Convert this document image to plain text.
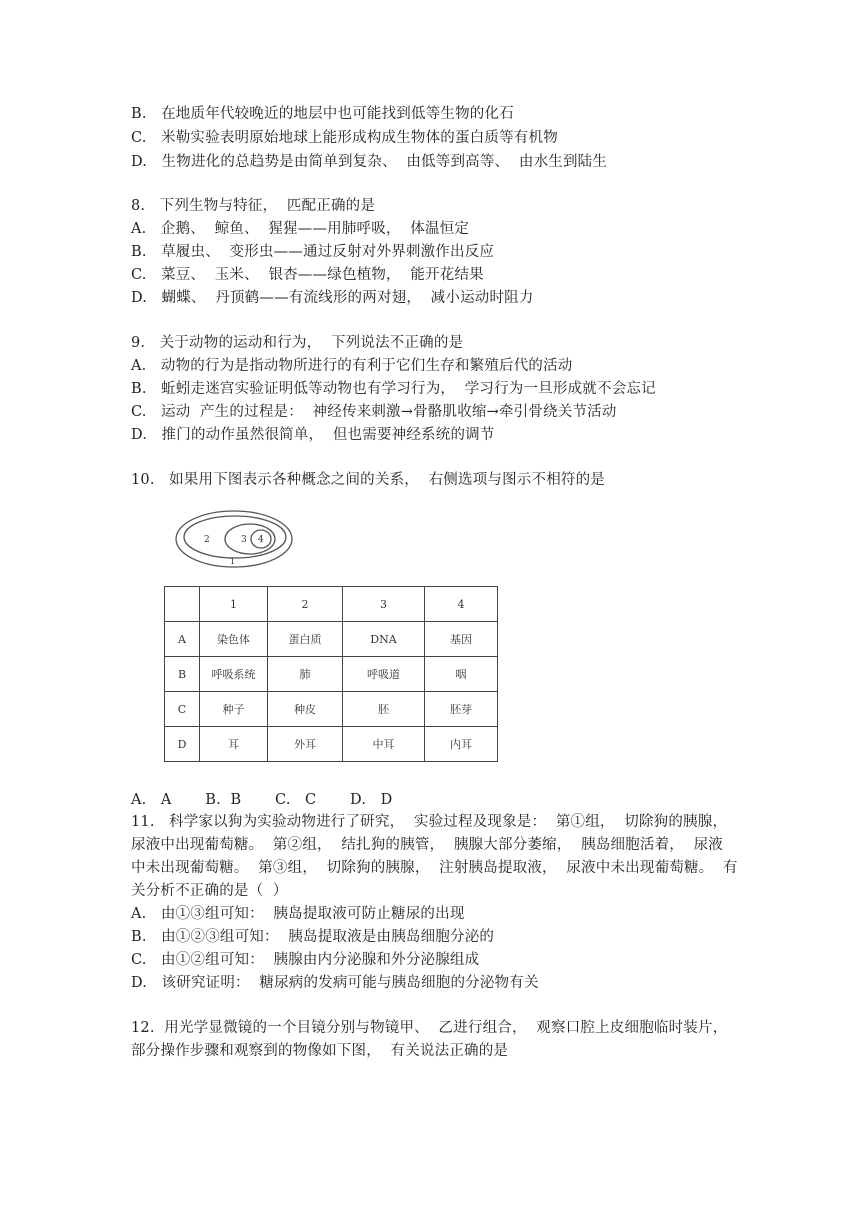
B.   在地质年代较晚近的地层中也可能找到低等生物的化石
C.   米勒实验表明原始地球上能形成构成生物体的蛋白质等有机物
D.   生物进化的总趋势是由简单到复杂、  由低等到高等、  由水生到陆生
8.   下列生物与特征，  匹配正确的是
A.   企鹅、  鲸鱼、  猩猩——用肺呼吸，  体温恒定
B.   草履虫、  变形虫——通过反射对外界刺激作出反应
C.   菜豆、  玉米、  银杏——绿色植物，  能开花结果
D.   蝴蝶、  丹顶鹤——有流线形的两对翅，  减小运动时阻力
9.   关于动物的运动和行为，  下列说法不正确的是
A.   动物的行为是指动物所进行的有利于它们生存和繁殖后代的活动
B.   蚯蚓走迷宫实验证明低等动物也有学习行为，  学习行为一旦形成就不会忘记
C.   运动  产生的过程是：  神经传来刺激→骨骼肌收缩→牵引骨绕关节活动
D.   推门的动作虽然很简单，  但也需要神经系统的调节
10.   如果用下图表示各种概念之间的关系，  右侧选项与图示不相符的是
2	3 4
1
	1	2	3	4
A	染色体	蛋白质	DNA	基因
B	呼吸系统	肺	呼吸道	咽
C	种子	种皮	胚	胚芽
D	耳	外耳	中耳	内耳
A.   A       B.  B       C.   C       D.   D
11.   科学家以狗为实验动物进行了研究，  实验过程及现象是：  第①组，  切除狗的胰腺，
尿液中出现葡萄糖。  第②组，  结扎狗的胰管，  胰腺大部分萎缩，  胰岛细胞活着，  尿液
中未出现葡萄糖。  第③组，  切除狗的胰腺，  注射胰岛提取液，  尿液中未出现葡萄糖。  有
关分析不正确的是（  ）
A.   由①③组可知：  胰岛提取液可防止糖尿的出现
B.   由①②③组可知：  胰岛提取液是由胰岛细胞分泌的
C.   由①②组可知：  胰腺由内分泌腺和外分泌腺组成
D.   该研究证明：  糖尿病的发病可能与胰岛细胞的分泌物有关
12.  用光学显微镜的一个目镜分别与物镜甲、  乙进行组合，  观察口腔上皮细胞临时装片，
部分操作步骤和观察到的物像如下图，  有关说法正确的是
